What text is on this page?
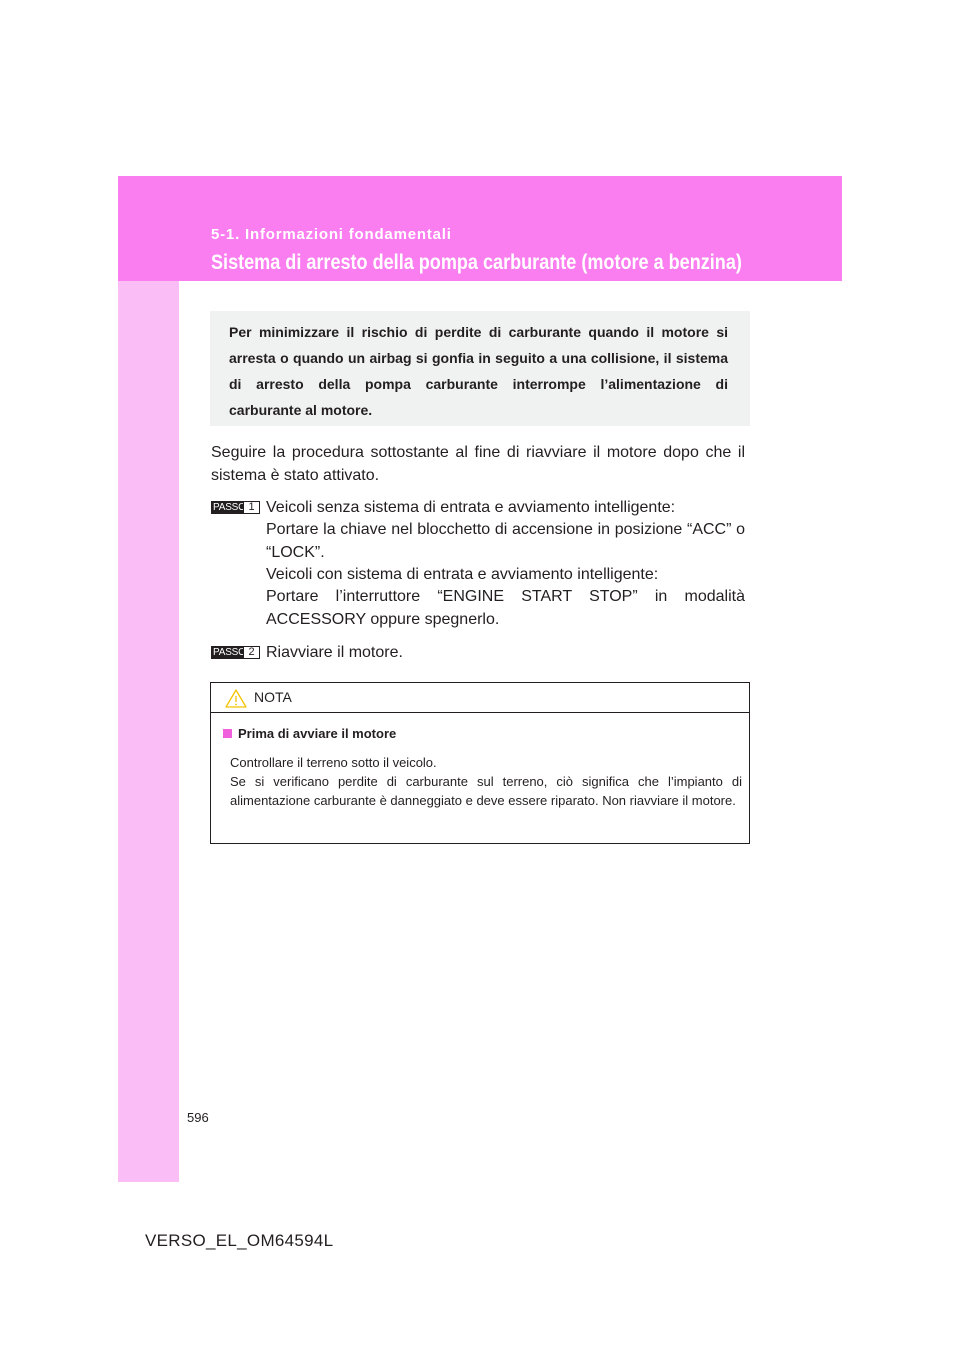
5-1. Informazioni fondamentali
Sistema di arresto della pompa carburante (motore a benzina)

Per minimizzare il rischio di perdite di carburante quando il motore si arresta o quando un airbag si gonfia in seguito a una collisione, il sistema di arresto della pompa carburante interrompe l’alimentazione di carburante al motore.

Seguire la procedura sottostante al fine di riavviare il motore dopo che il sistema è stato attivato.

PASSO 1 Veicoli senza sistema di entrata e avviamento intelligente:

Portare la chiave nel blocchetto di accensione in posizione “ACC” o “LOCK”.

Veicoli con sistema di entrata e avviamento intelligente:

Portare l’interruttore “ENGINE START STOP” in modalità ACCESSORY oppure spegnerlo.

PASSO 2 Riavviare il motore.

NOTA
Prima di avviare il motore

Controllare il terreno sotto il veicolo.
Se si verificano perdite di carburante sul terreno, ciò significa che l’impianto di alimentazione carburante è danneggiato e deve essere riparato. Non riavviare il motore.

596
VERSO_EL_OM64594L
